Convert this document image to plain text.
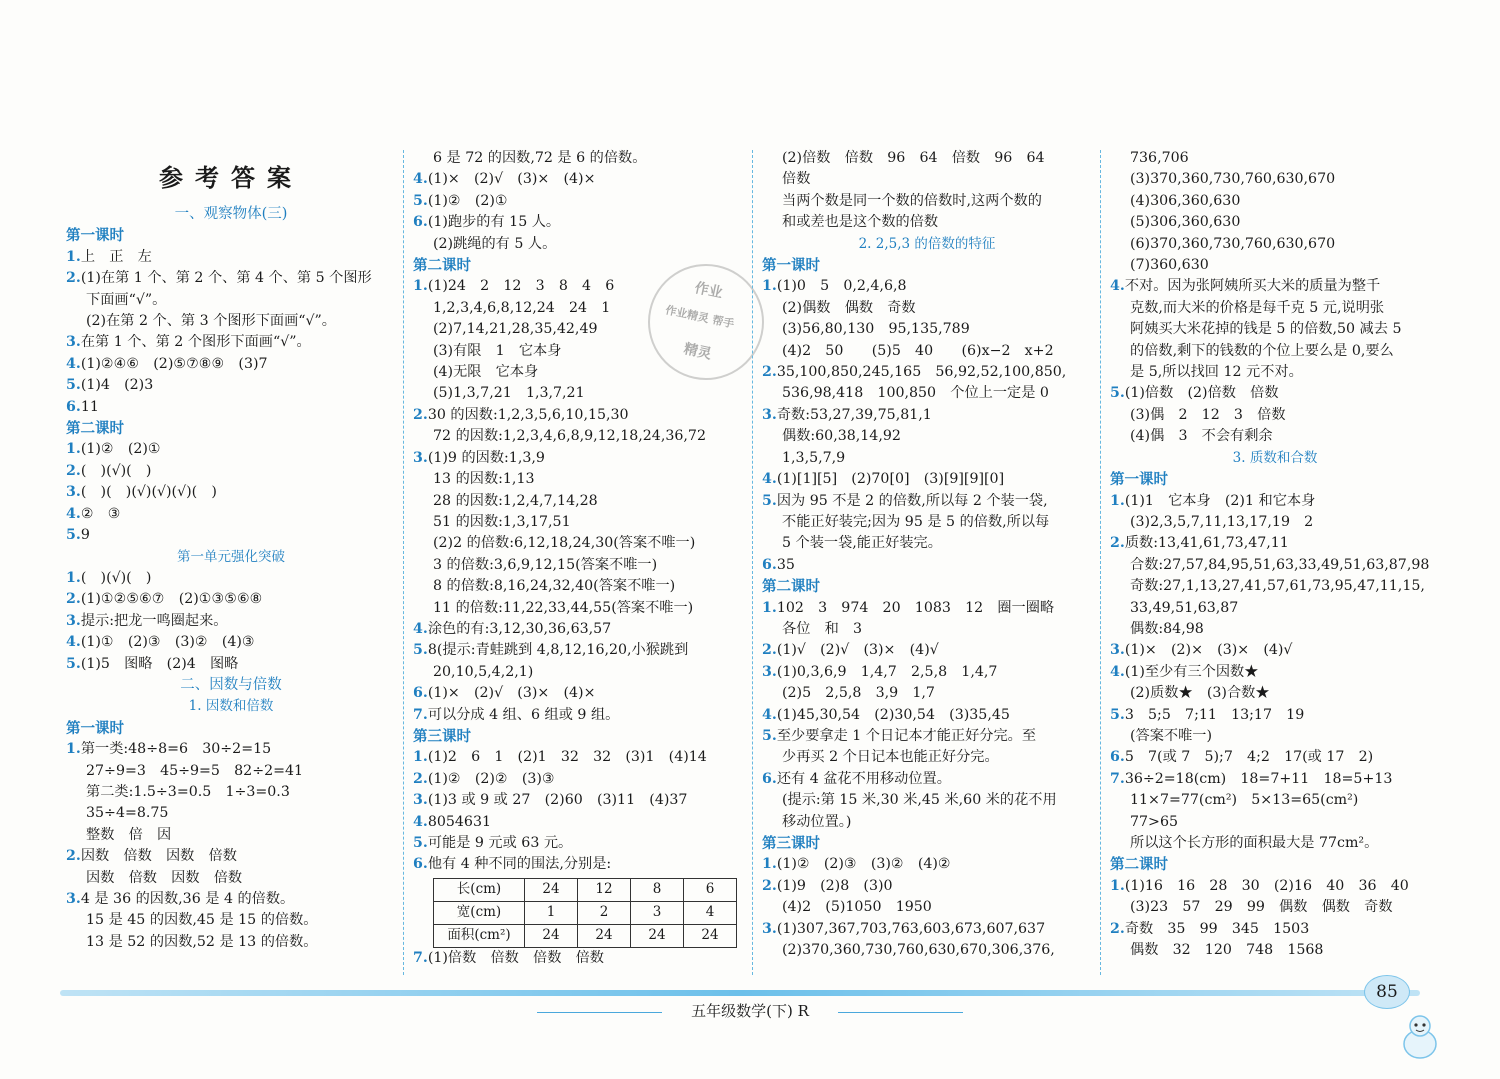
作业
作业精灵 帮手
精灵
参考答案
一、观察物体(三)
第一课时
1.上　正　左
2.(1)在第 1 个、第 2 个、第 4 个、第 5 个图形
下面画“√”。
(2)在第 2 个、第 3 个图形下面画“√”。
3.在第 1 个、第 2 个图形下面画“√”。
4.(1)②④⑥　(2)⑤⑦⑧⑨　(3)7
5.(1)4　(2)3
6.11
第二课时
1.(1)②　(2)①
2.(　)(√)(　)
3.(　)(　)(√)(√)(√)(　)
4.②　③
5.9
第一单元强化突破
1.(　)(√)(　)
2.(1)①②⑤⑥⑦　(2)①③⑤⑥⑧
3.提示:把龙一鸣圈起来。
4.(1)①　(2)③　(3)②　(4)③
5.(1)5　图略　(2)4　图略
二、因数与倍数
1. 因数和倍数
第一课时
1.第一类:48÷8=6　30÷2=15
27÷9=3　45÷9=5　82÷2=41
第二类:1.5÷3=0.5　1÷3=0.3̇
35÷4=8.75
整数　倍　因
2.因数　倍数　因数　倍数
因数　倍数　因数　倍数
3.4 是 36 的因数,36 是 4 的倍数。
15 是 45 的因数,45 是 15 的倍数。
13 是 52 的因数,52 是 13 的倍数。
6 是 72 的因数,72 是 6 的倍数。
4.(1)×　(2)√　(3)×　(4)×
5.(1)②　(2)①
6.(1)跑步的有 15 人。
(2)跳绳的有 5 人。
第二课时
1.(1)24　2　12　3　8　4　6
1,2,3,4,6,8,12,24　24　1
(2)7,14,21,28,35,42,49
(3)有限　1　它本身
(4)无限　它本身
(5)1,3,7,21　1,3,7,21
2.30 的因数:1,2,3,5,6,10,15,30
72 的因数:1,2,3,4,6,8,9,12,18,24,36,72
3.(1)9 的因数:1,3,9
13 的因数:1,13
28 的因数:1,2,4,7,14,28
51 的因数:1,3,17,51
(2)2 的倍数:6,12,18,24,30(答案不唯一)
3 的倍数:3,6,9,12,15(答案不唯一)
8 的倍数:8,16,24,32,40(答案不唯一)
11 的倍数:11,22,33,44,55(答案不唯一)
4.涂色的有:3,12,30,36,63,57
5.8(提示:青蛙跳到 4,8,12,16,20,小猴跳到
20,10,5,4,2,1)
6.(1)×　(2)√　(3)×　(4)×
7.可以分成 4 组、6 组或 9 组。
第三课时
1.(1)2　6　1　(2)1　32　32　(3)1　(4)14
2.(1)②　(2)②　(3)③
3.(1)3 或 9 或 27　(2)60　(3)11　(4)37
4.8054631
5.可能是 9 元或 63 元。
6.他有 4 种不同的围法,分别是:
长(cm)	24	12	8	6
宽(cm)	1	2	3	4
面积(cm²)	24	24	24	24
7.(1)倍数　倍数　倍数　倍数
(2)倍数　倍数　96　64　倍数　96　64
倍数
当两个数是同一个数的倍数时,这两个数的
和或差也是这个数的倍数
2. 2,5,3 的倍数的特征
第一课时
1.(1)0　5　0,2,4,6,8
(2)偶数　偶数　奇数
(3)56,80,130　95,135,789
(4)2　50　　(5)5　40　　(6)x−2　x+2
2.35,100,850,245,165　56,92,52,100,850,
536,98,418　100,850　个位上一定是 0
3.奇数:53,27,39,75,81,1
偶数:60,38,14,92
1,3,5,7,9
4.(1)[1][5]　(2)70[0]　(3)[9][9][0]
5.因为 95 不是 2 的倍数,所以每 2 个装一袋,
不能正好装完;因为 95 是 5 的倍数,所以每
5 个装一袋,能正好装完。
6.35
第二课时
1.102　3　974　20　1083　12　圈一圈略
各位　和　3
2.(1)√　(2)√　(3)×　(4)√
3.(1)0,3,6,9　1,4,7　2,5,8　1,4,7
(2)5　2,5,8　3,9　1,7
4.(1)45,30,54　(2)30,54　(3)35,45
5.至少要拿走 1 个日记本才能正好分完。至
少再买 2 个日记本也能正好分完。
6.还有 4 盆花不用移动位置。
(提示:第 15 米,30 米,45 米,60 米的花不用
移动位置。)
第三课时
1.(1)②　(2)③　(3)②　(4)②
2.(1)9　(2)8　(3)0
(4)2　(5)1050　1950
3.(1)307,367,703,763,603,673,607,637
(2)370,360,730,760,630,670,306,376,
736,706
(3)370,360,730,760,630,670
(4)306,360,630
(5)306,360,630
(6)370,360,730,760,630,670
(7)360,630
4.不对。因为张阿姨所买大米的质量为整千
克数,而大米的价格是每千克 5 元,说明张
阿姨买大米花掉的钱是 5 的倍数,50 减去 5
的倍数,剩下的钱数的个位上要么是 0,要么
是 5,所以找回 12 元不对。
5.(1)倍数　(2)倍数　倍数
(3)偶　2　12　3　倍数
(4)偶　3　不会有剩余
3. 质数和合数
第一课时
1.(1)1　它本身　(2)1 和它本身
(3)2,3,5,7,11,13,17,19　2
2.质数:13,41,61,73,47,11
合数:27,57,84,95,51,63,33,49,51,63,87,98
奇数:27,1,13,27,41,57,61,73,95,47,11,15,
33,49,51,63,87
偶数:84,98
3.(1)×　(2)×　(3)×　(4)√
4.(1)至少有三个因数★
(2)质数★　(3)合数★
5.3　5;5　7;11　13;17　19
(答案不唯一)
6.5　7(或 7　5);7　4;2　17(或 17　2)
7.36÷2=18(cm)　18=7+11　18=5+13
11×7=77(cm²)　5×13=65(cm²)
77>65
所以这个长方形的面积最大是 77cm²。
第二课时
1.(1)16　16　28　30　(2)16　40　36　40
(3)23　57　29　99　偶数　偶数　奇数
2.奇数　35　99　345　1503
偶数　32　120　748　1568
五年级数学(下) R
85
